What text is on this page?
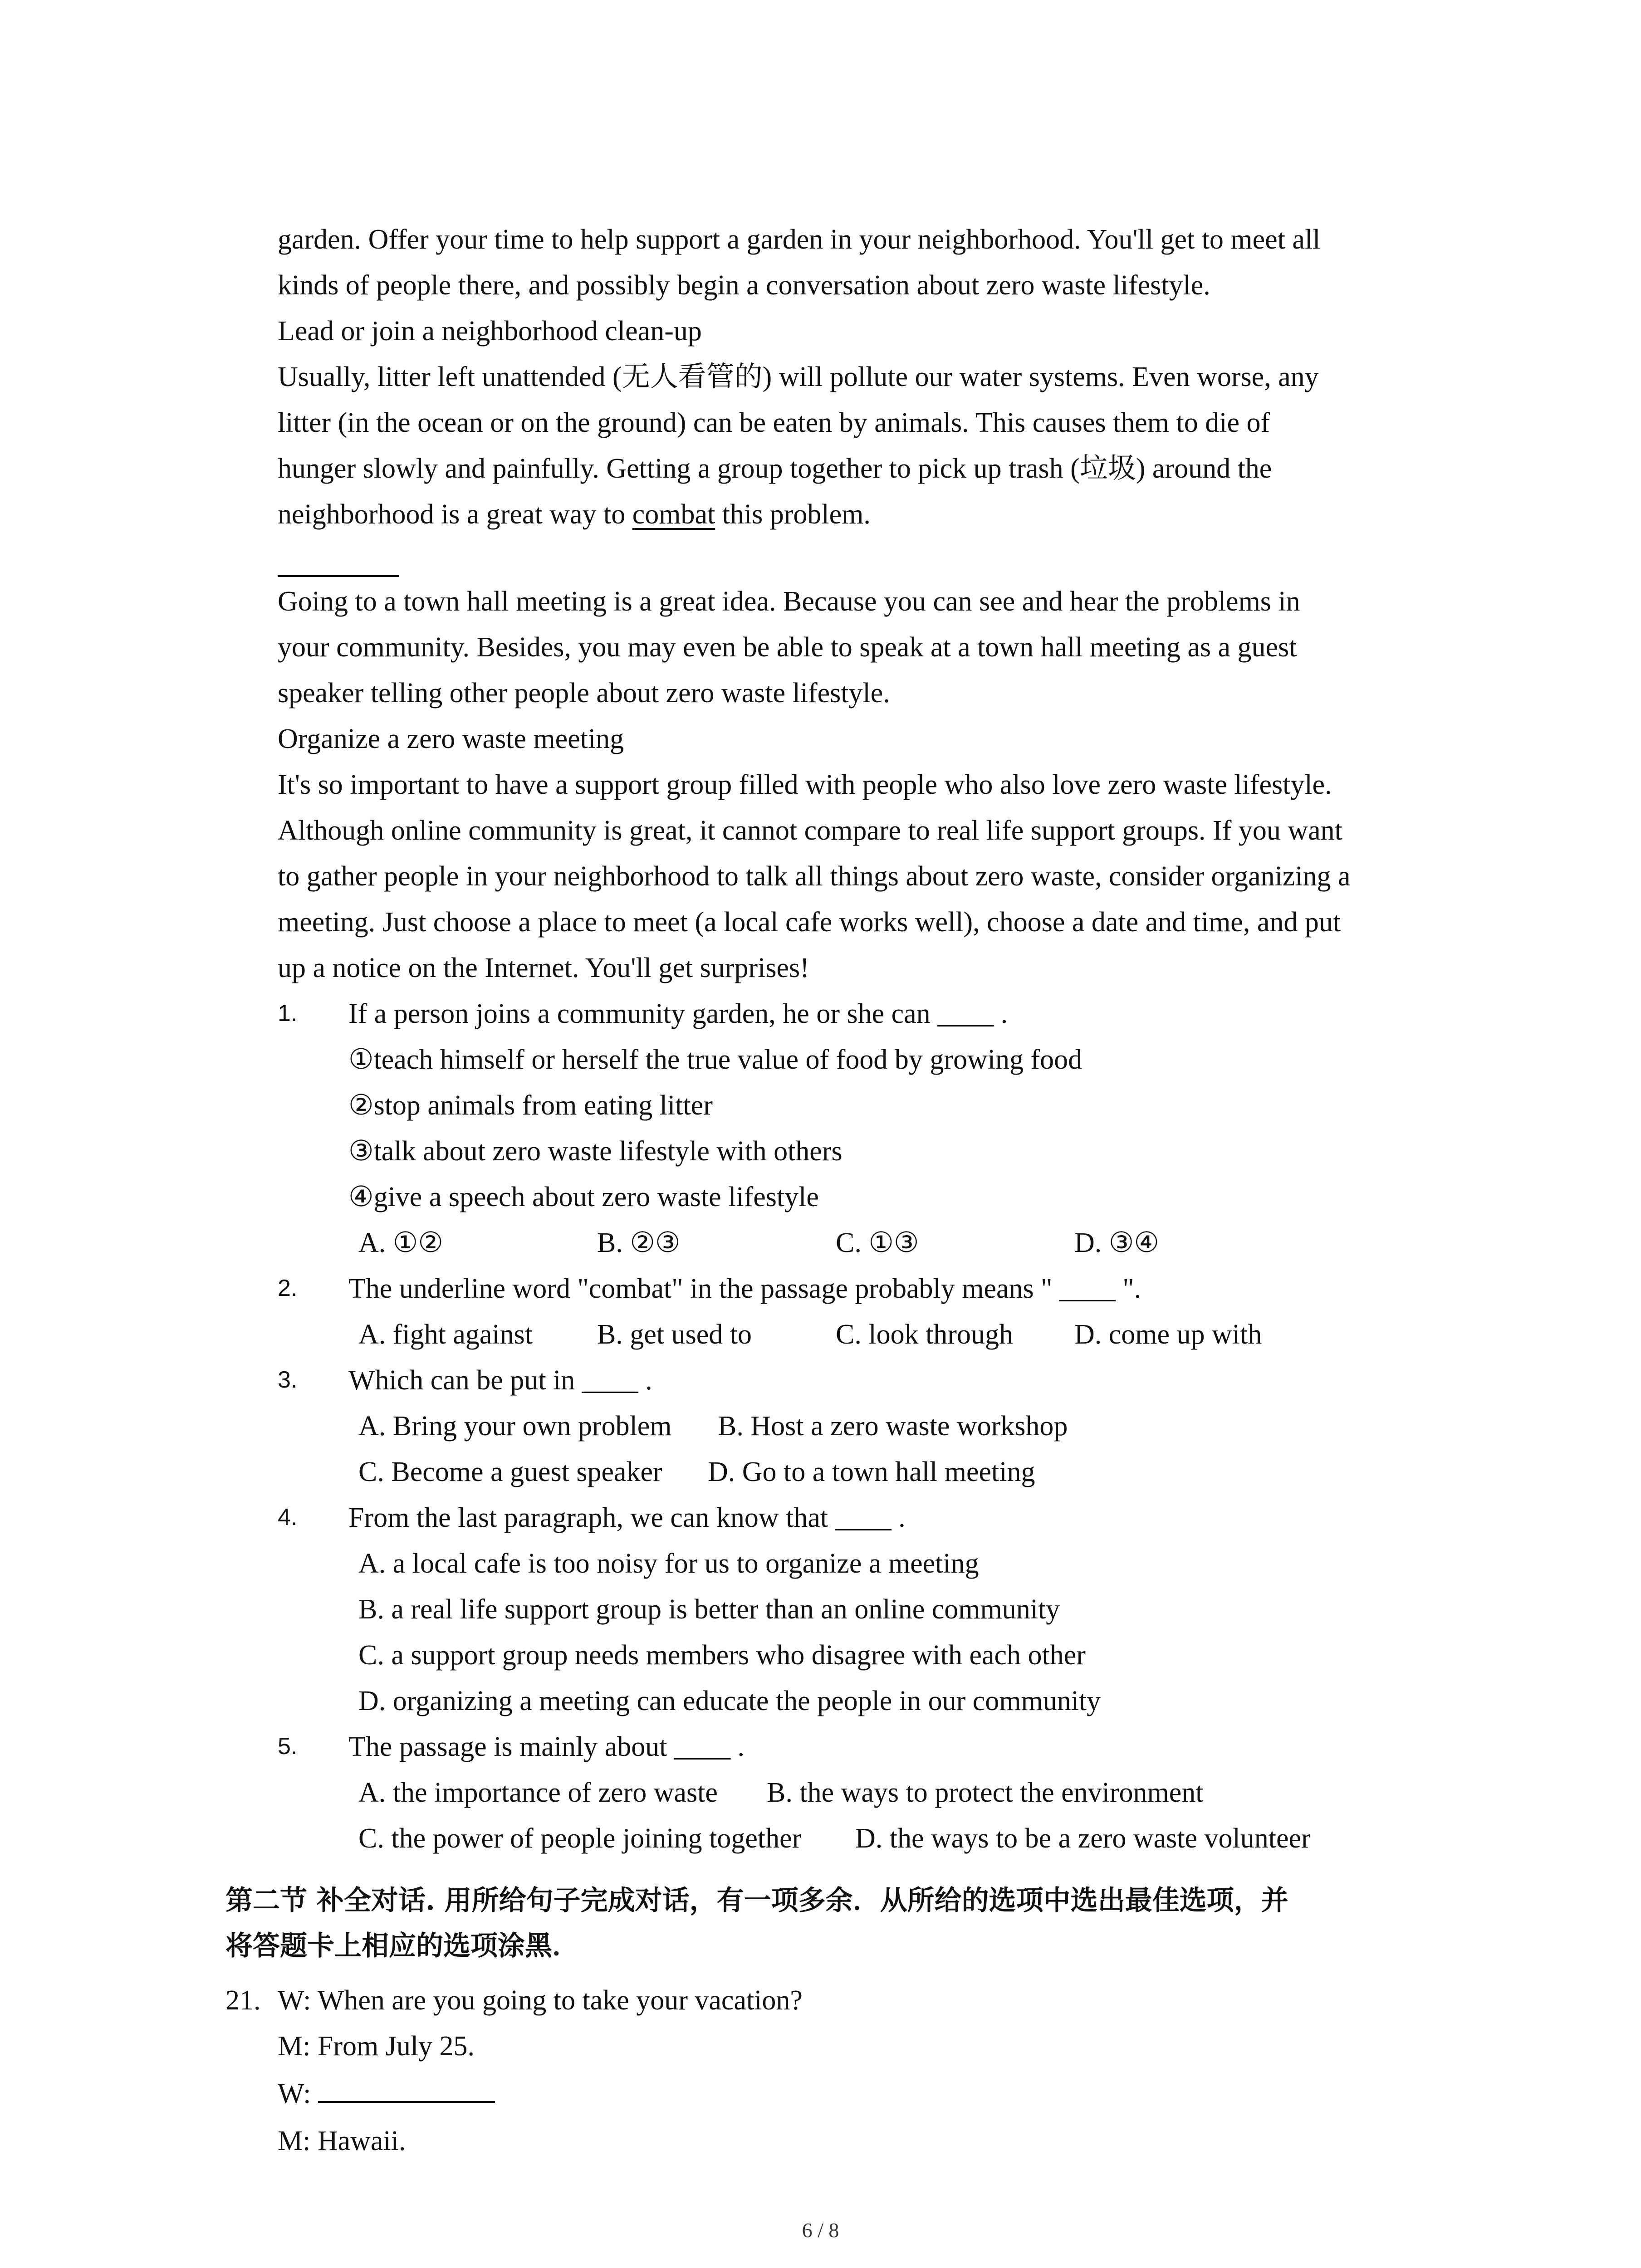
garden. Offer your time to help support a garden in your neighborhood. You'll get to meet all
kinds of people there, and possibly begin a conversation about zero waste lifestyle.
Lead or join a neighborhood clean-up
Usually, litter left unattended (无人看管的) will pollute our water systems. Even worse, any
litter (in the ocean or on the ground) can be eaten by animals. This causes them to die of
hunger slowly and painfully. Getting a group together to pick up trash (垃圾) around the
neighborhood is a great way to combat this problem.
Going to a town hall meeting is a great idea. Because you can see and hear the problems in
your community. Besides, you may even be able to speak at a town hall meeting as a guest
speaker telling other people about zero waste lifestyle.
Organize a zero waste meeting
It's so important to have a support group filled with people who also love zero waste lifestyle.
Although online community is great, it cannot compare to real life support groups. If you want
to gather people in your neighborhood to talk all things about zero waste, consider organizing a
meeting. Just choose a place to meet (a local cafe works well), choose a date and time, and put
up a notice on the Internet. You'll get surprises!
1. If a person joins a community garden, he or she can ____ .
①teach himself or herself the true value of food by growing food
②stop animals from eating litter
③talk about zero waste lifestyle with others
④give a speech about zero waste lifestyle
A. ①②	B. ②③	C. ①③	D. ③④
2. The underline word "combat" in the passage probably means " ____ ".
A. fight against B. get used to	C. look through D. come up with
3. Which can be put in ____ .
A. Bring your own problem B. Host a zero waste workshop
C. Become a guest speaker D. Go to a town hall meeting
4. From the last paragraph, we can know that ____ .
A. a local cafe is too noisy for us to organize a meeting
B. a real life support group is better than an online community
C. a support group needs members who disagree with each other
D. organizing a meeting can educate the people in our community
5. The passage is mainly about ____ .
A. the importance of zero waste B. the ways to protect the environment
C. the power of people joining together D. the ways to be a zero waste volunteer
第二节 补全对话. 用所给句子完成对话，有一项多余．从所给的选项中选出最佳选项，并
将答题卡上相应的选项涂黑．
21. W: When are you going to take your vacation?
M: From July 25.
W:
M: Hawaii.
6 / 8
